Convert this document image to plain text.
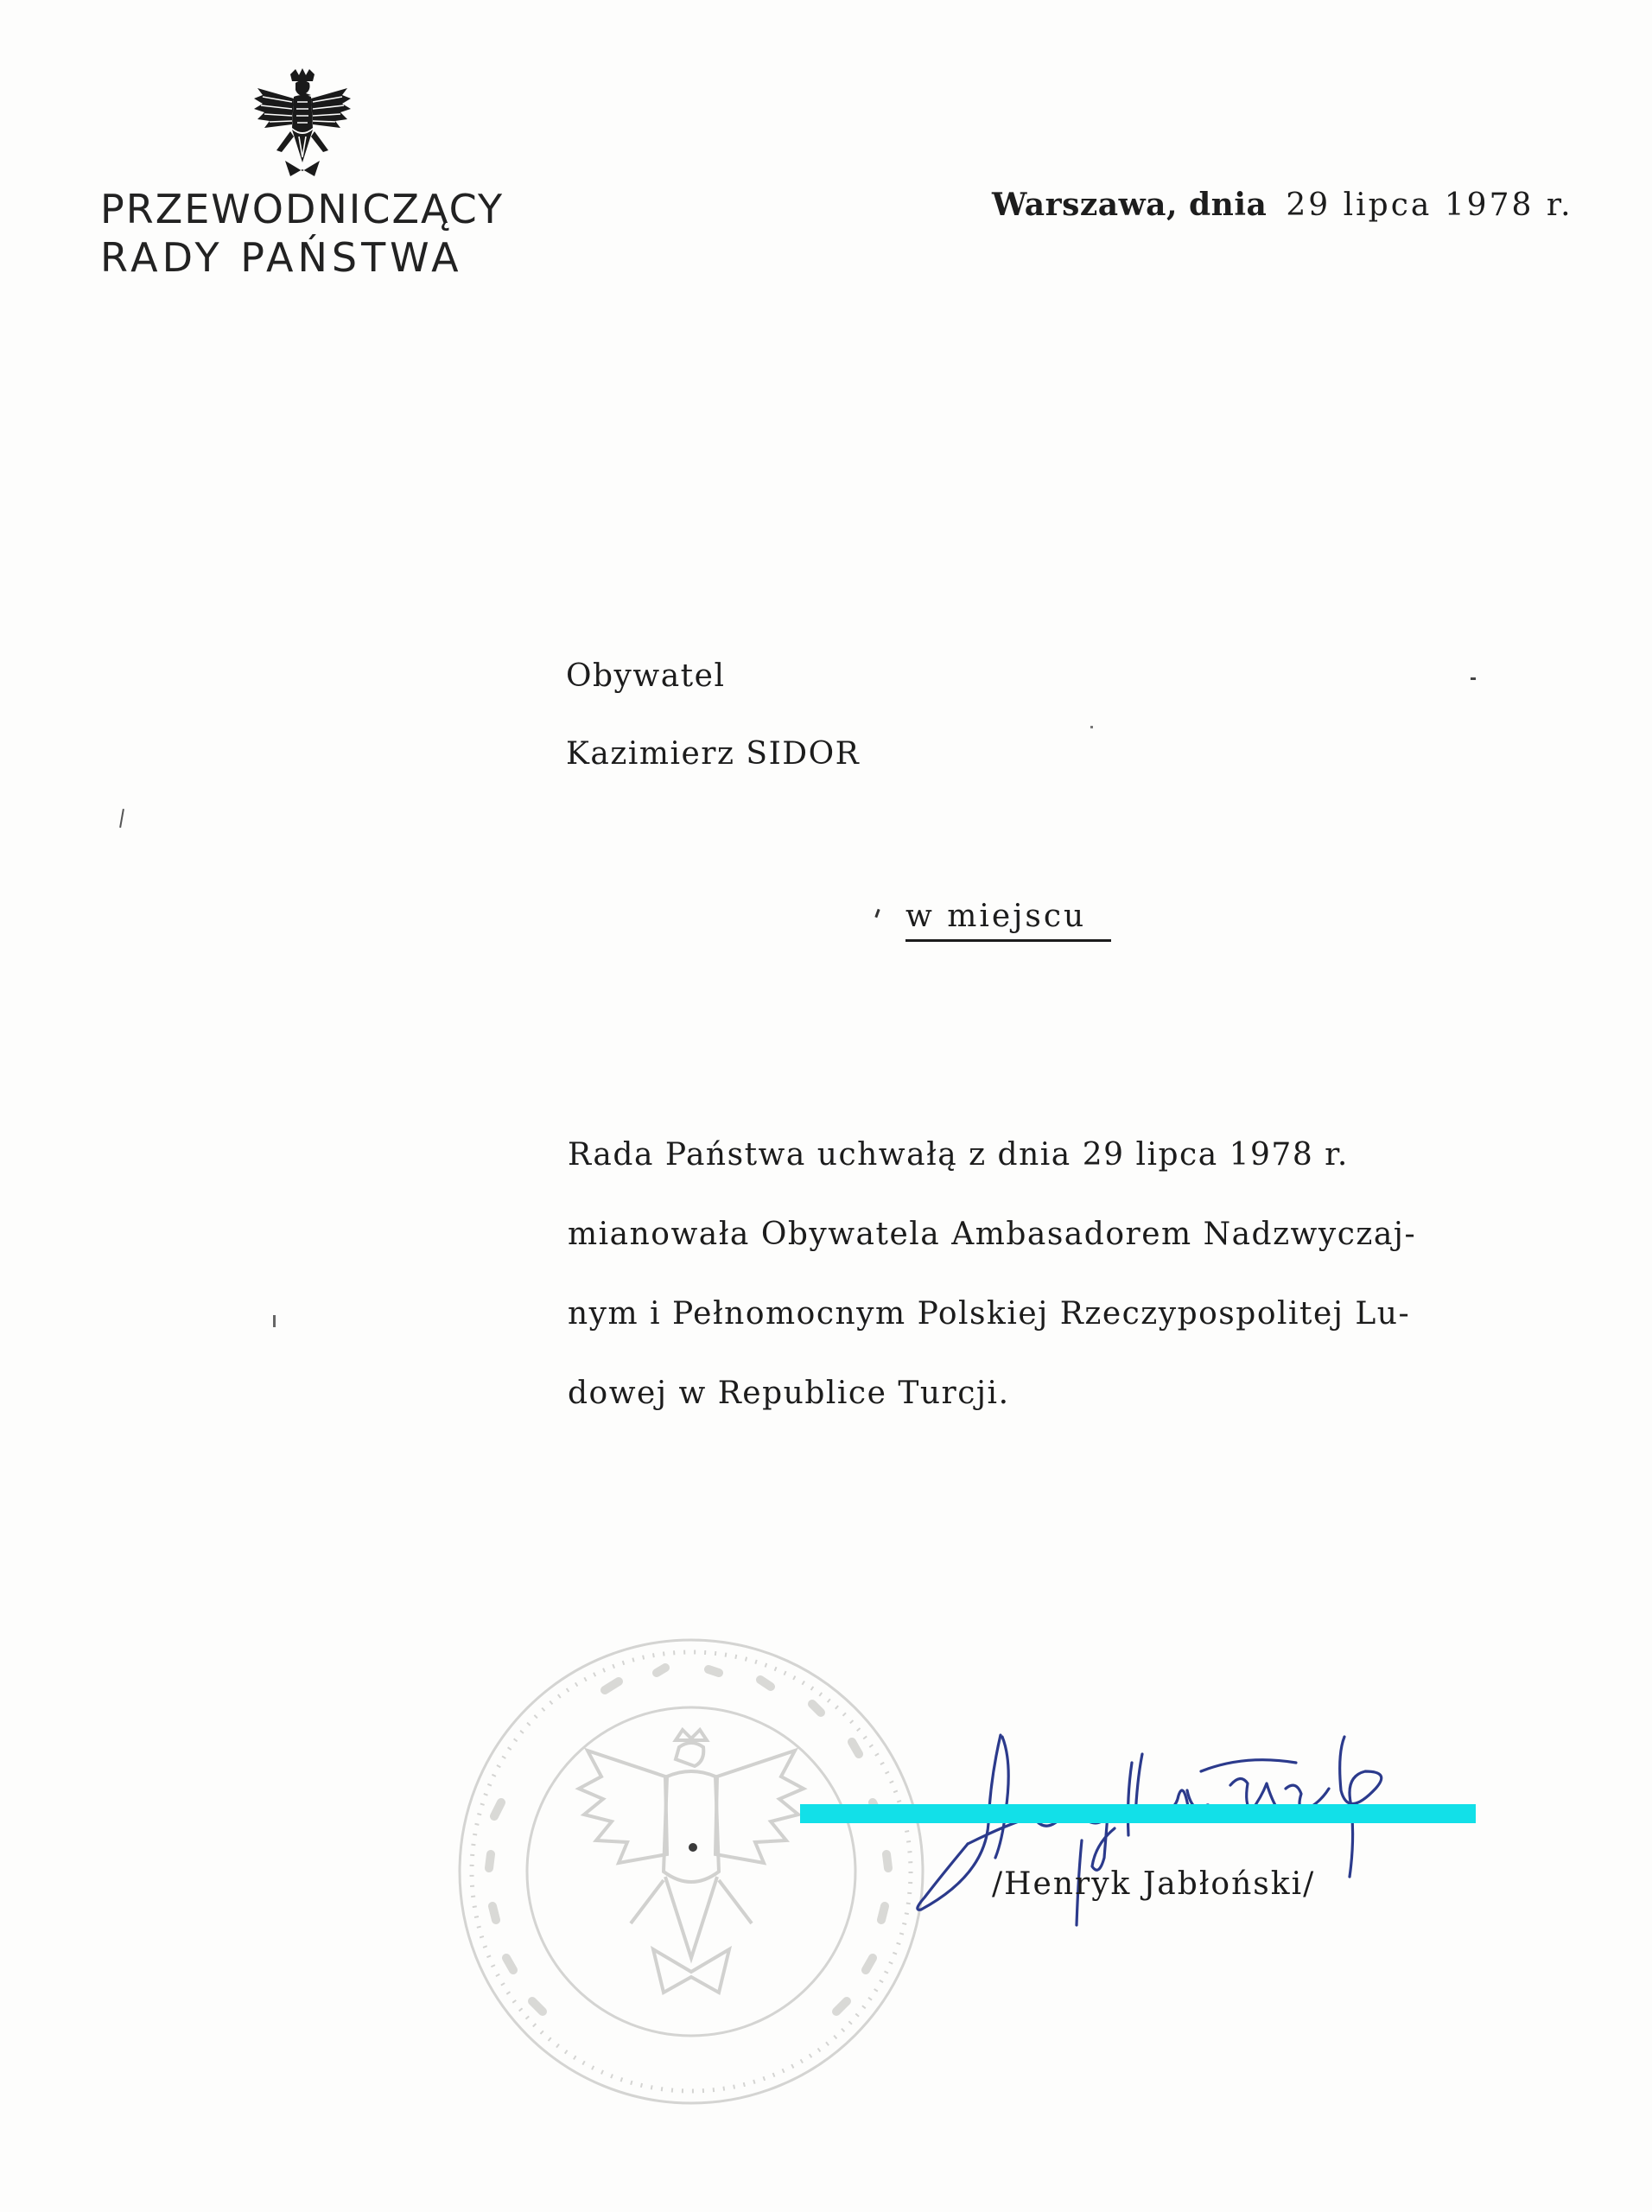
PRZEWODNICZĄCY
RADY PAŃSTWA
Warszawa, dnia 29 lipca 1978 r.
Obywatel
Kazimierz SIDOR
w miejscu
Rada Państwa uchwałą z dnia 29 lipca 1978 r.
mianowała Obywatela Ambasadorem Nadzwyczaj-
nym i Pełnomocnym Polskiej Rzeczypospolitej Lu-
dowej w Republice Turcji.
/Henryk Jabłoński/
